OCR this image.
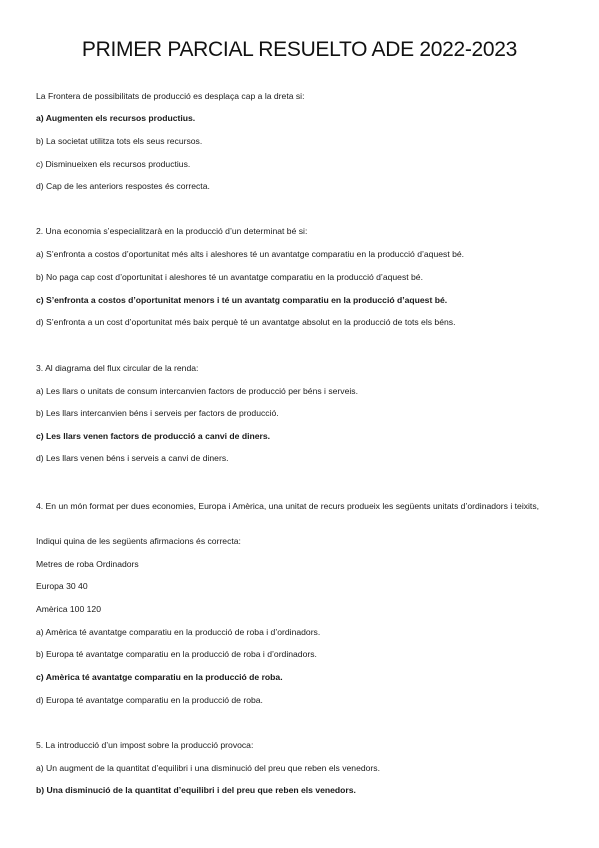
PRIMER PARCIAL RESUELTO ADE 2022-2023
La Frontera de possibilitats de producció es desplaça cap a la dreta si:
a) Augmenten els recursos productius.
b) La societat utilitza tots els seus recursos.
c) Disminueixen els recursos productius.
d) Cap de les anteriors respostes és correcta.
2. Una economia s’especialitzarà en la producció d’un determinat bé si:
a) S’enfronta a costos d’oportunitat més alts i aleshores té un avantatge comparatiu en la producció d’aquest bé.
b) No paga cap cost d’oportunitat i aleshores té un avantatge comparatiu en la producció d’aquest bé.
c) S’enfronta a costos d’oportunitat menors i té un avantatg comparatiu en la producció d’aquest bé.
d) S’enfronta a un cost d’oportunitat més baix perquè té un avantatge absolut en la producció de tots els béns.
3. Al diagrama del flux circular de la renda:
a) Les llars o unitats de consum intercanvien factors de producció per béns i serveis.
b) Les llars intercanvien béns i serveis per factors de producció.
c) Les llars venen factors de producció a canvi de diners.
d) Les llars venen béns i serveis a canvi de diners.
4. En un món format per dues economies, Europa i Amèrica, una unitat de recurs produeix les següents unitats d’ordinadors i teixits,
Indiqui quina de les següents afirmacions és correcta:
Metres de roba Ordinadors
Europa 30 40
Amèrica 100 120
a) Amèrica té avantatge comparatiu en la producció de roba i d’ordinadors.
b) Europa té avantatge comparatiu en la producció de roba i d’ordinadors.
c) Amèrica té avantatge comparatiu en la producció de roba.
d) Europa té avantatge comparatiu en la producció de roba.
5. La introducció d’un impost sobre la producció provoca:
a) Un augment de la quantitat d’equilibri i una disminució del preu que reben els venedors.
b) Una disminució de la quantitat d’equilibri i del preu que reben els venedors.
